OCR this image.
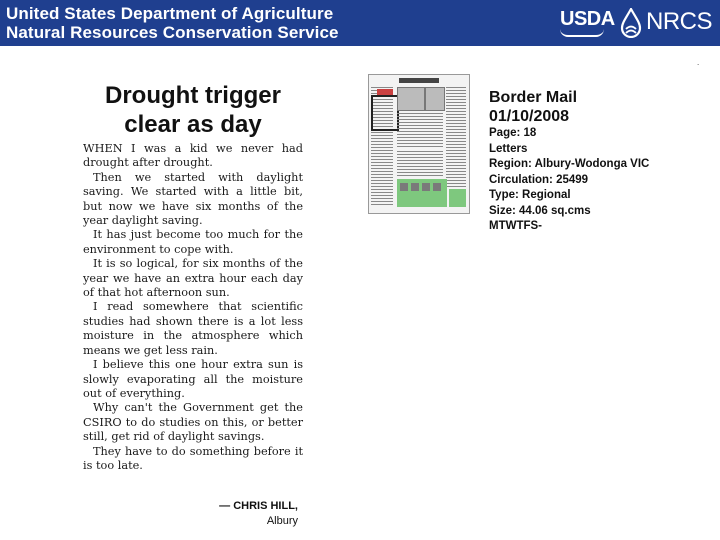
United States Department of Agriculture
Natural Resources Conservation Service
USDA NRCS
.
Drought trigger
clear as day

WHEN I was a kid we never had drought after drought.

Then we started with daylight saving. We started with a little bit, but now we have six months of the year daylight saving.

It has just become too much for the environment to cope with.

It is so logical, for six months of the year we have an extra hour each day of that hot afternoon sun.

I read somewhere that scientific studies had shown there is a lot less moisture in the atmosphere which means we get less rain.

I believe this one hour extra sun is slowly evaporating all the moisture out of everything.

Why can't the Government get the CSIRO to do studies on this, or better still, get rid of daylight savings.

They have to do something before it is too late.

— CHRIS HILL,
Albury
Border Mail
01/10/2008
Page: 18
Letters
Region: Albury-Wodonga VIC
Circulation: 25499
Type: Regional
Size: 44.06 sq.cms
MTWTFS-
